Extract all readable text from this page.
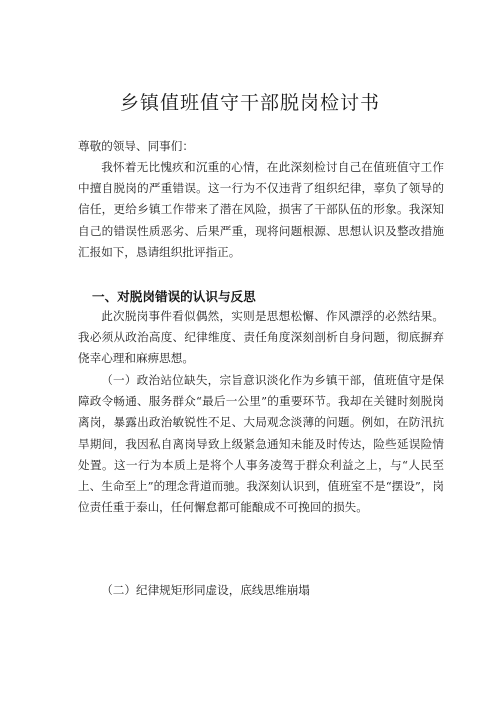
乡镇值班值守干部脱岗检讨书

尊敬的领导、同事们：

我怀着无比愧疚和沉重的心情，在此深刻检讨自己在值班值守工作中擅自脱岗的严重错误。这一行为不仅违背了组织纪律，辜负了领导的信任，更给乡镇工作带来了潜在风险，损害了干部队伍的形象。我深知自己的错误性质恶劣、后果严重，现将问题根源、思想认识及整改措施汇报如下，恳请组织批评指正。

一、对脱岗错误的认识与反思

此次脱岗事件看似偶然，实则是思想松懈、作风漂浮的必然结果。我必须从政治高度、纪律维度、责任角度深刻剖析自身问题，彻底摒弃侥幸心理和麻痹思想。

（一）政治站位缺失，宗旨意识淡化作为乡镇干部，值班值守是保障政令畅通、服务群众“最后一公里”的重要环节。我却在关键时刻脱岗离岗，暴露出政治敏锐性不足、大局观念淡薄的问题。例如，在防汛抗旱期间，我因私自离岗导致上级紧急通知未能及时传达，险些延误险情处置。这一行为本质上是将个人事务凌驾于群众利益之上，与“人民至上、生命至上”的理念背道而驰。我深刻认识到，值班室不是“摆设”，岗位责任重于泰山，任何懈怠都可能酿成不可挽回的损失。

（二）纪律规矩形同虚设，底线思维崩塌
